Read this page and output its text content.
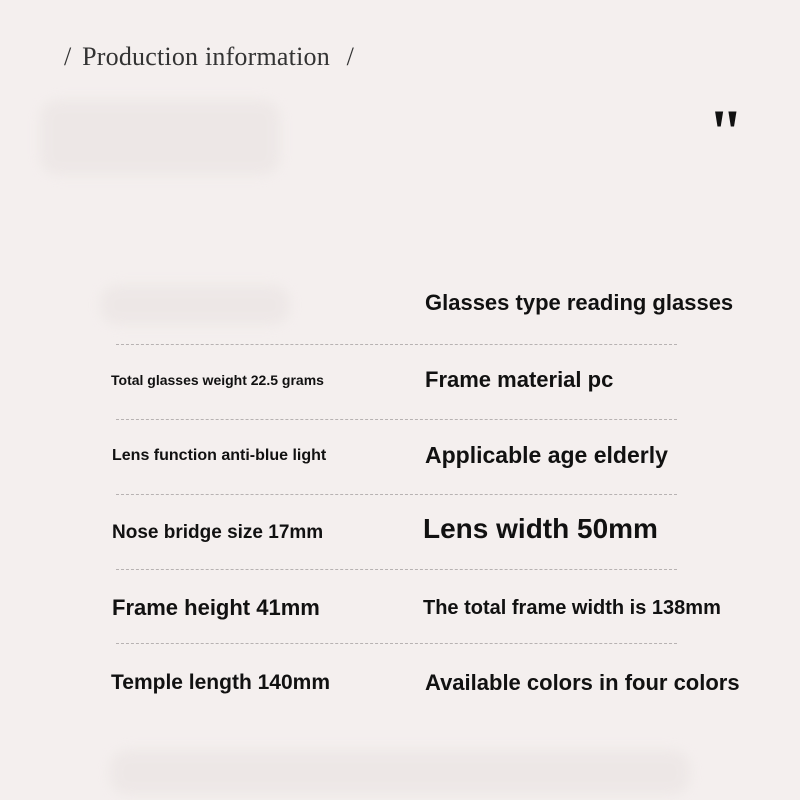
/ Production information /
"
Glasses type reading glasses
Total glasses weight 22.5 grams	Frame material pc
Lens function anti-blue light	Applicable age elderly
Nose bridge size 17mm	Lens width 50mm
Frame height 41mm	The total frame width is 138mm
Temple length 140mm	Available colors in four colors
